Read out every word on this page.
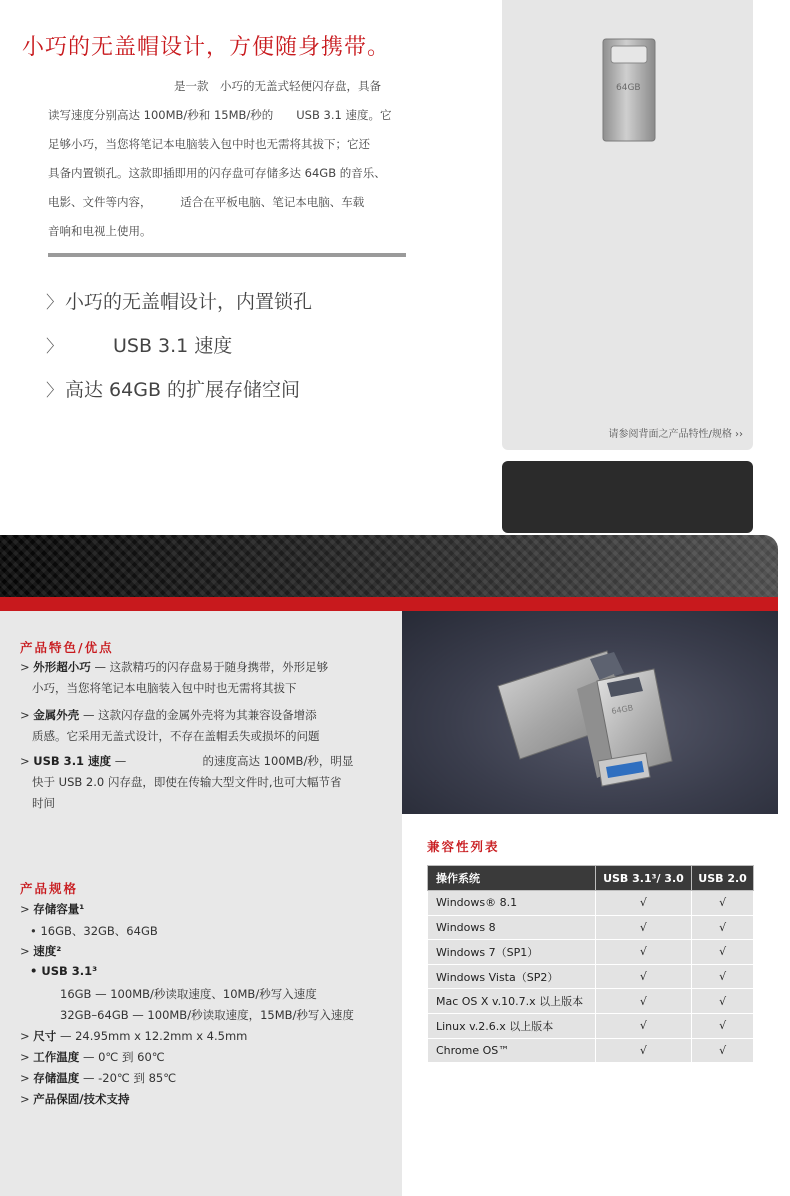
小巧的无盖帽设计，方便随身携带。

是一款　小巧的无盖式轻便闪存盘，具备

读写速度分别高达 100MB/秒和 15MB/秒的　　USB 3.1 速度。它

足够小巧，当您将笔记本电脑装入包中时也无需将其拔下；它还

具备内置锁孔。这款即插即用的闪存盘可存储多达 64GB 的音乐、

电影、文件等内容，　　　适合在平板电脑、笔记本电脑、车载

音响和电视上使用。

〉 小巧的无盖帽设计，内置锁孔
〉	USB 3.1 速度
〉 高达 64GB 的扩展存储空间
64GB
请参阅背面之产品特性/规格 ››
产品特色/优点
> 外形超小巧 — 这款精巧的闪存盘易于随身携带，外形足够
小巧，当您将笔记本电脑装入包中时也无需将其拔下
> 金属外壳 — 这款闪存盘的金属外壳将为其兼容设备增添
质感。它采用无盖式设计，不存在盖帽丢失或损坏的问题
> USB 3.1 速度 — 　　　　　　 的速度高达 100MB/秒，明显
快于 USB 2.0 闪存盘，即使在传输大型文件时,也可大幅节省
时间
产品规格
> 存储容量¹
• 16GB、32GB、64GB
> 速度²
• USB 3.1³
16GB — 100MB/秒读取速度、10MB/秒写入速度
32GB–64GB — 100MB/秒读取速度，15MB/秒写入速度
> 尺寸 — 24.95mm x 12.2mm x 4.5mm
> 工作温度 — 0℃ 到 60℃
> 存储温度 — -20℃ 到 85℃
> 产品保固/技术支持
64GB
兼容性列表
操作系统	USB 3.1³/ 3.0	USB 2.0
Windows® 8.1	√	√
Windows 8	√	√
Windows 7（SP1）	√	√
Windows Vista（SP2）	√	√
Mac OS X v.10.7.x 以上版本	√	√
Linux v.2.6.x 以上版本	√	√
Chrome OS™	√	√
